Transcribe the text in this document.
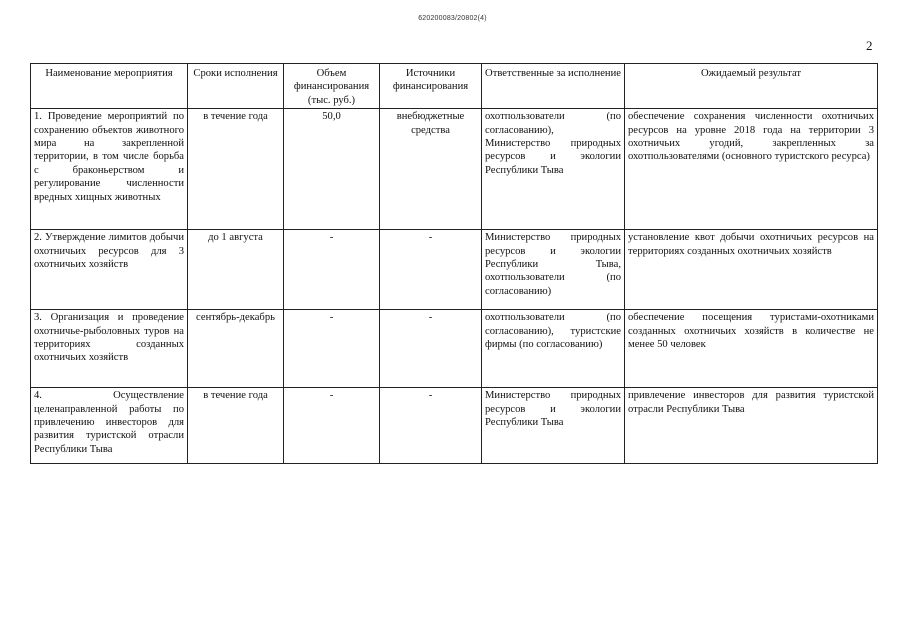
620200083/20802(4)
2
Наименование мероприятия	Сроки исполнения	Объем финансирования (тыс. руб.)	Источники финансирования	Ответственные за исполнение	Ожидаемый результат
1. Проведение мероприятий по сохранению объектов животного мира на закрепленной территории, в том числе борьба с браконьерством и регулирование численности вредных хищных животных	в течение года	50,0	внебюджетные средства	охотпользователи (по согласованию), Министерство природных ресурсов и экологии Республики Тыва	обеспечение сохранения численности охотничьих ресурсов на уровне 2018 года на территории 3 охотничьих угодий, закрепленных за охотпользователями (основного туристского ресурса)
2. Утверждение лимитов добычи охотничьих ресурсов для 3 охотничьих хозяйств	до 1 августа	-	-	Министерство природных ресурсов и экологии Республики Тыва, охотпользователи (по согласованию)	установление квот добычи охотничьих ресурсов на территориях созданных охотничьих хозяйств
3. Организация и проведение охотничье-рыболовных туров на территориях созданных охотничьих хозяйств	сентябрь-декабрь	-	-	охотпользователи (по согласованию), туристские фирмы (по согласованию)	обеспечение посещения туристами-охотниками созданных охотничьих хозяйств в количестве не менее 50 человек
4. Осуществление целенаправленной работы по привлечению инвесторов для развития туристской отрасли Республики Тыва	в течение года	-	-	Министерство природных ресурсов и экологии Республики Тыва	привлечение инвесторов для развития туристской отрасли Республики Тыва
